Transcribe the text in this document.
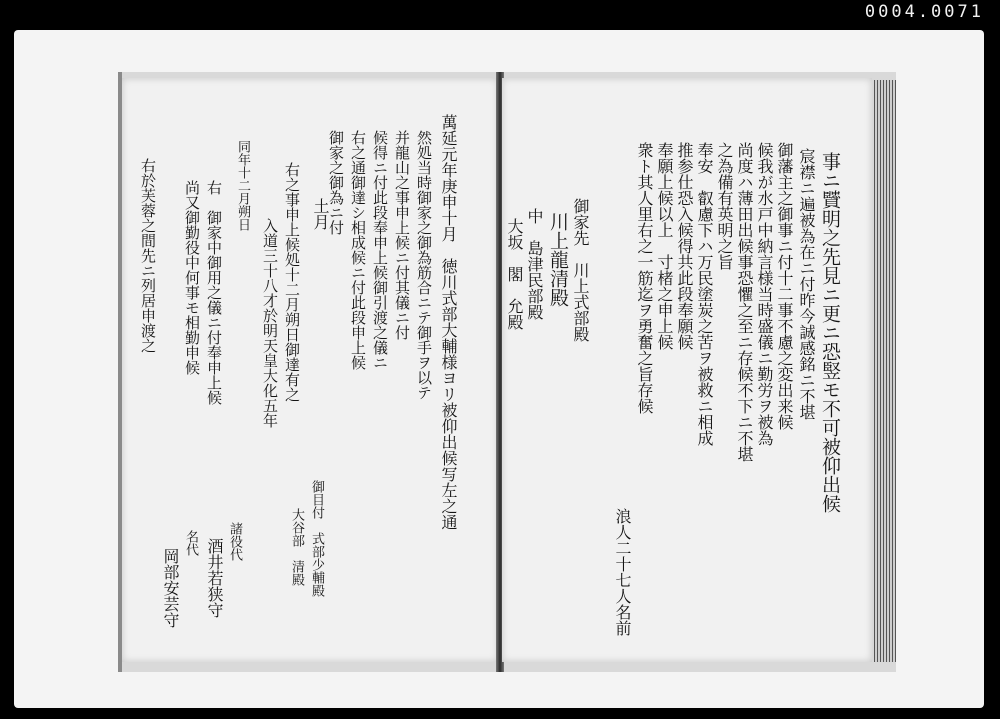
0004.0071
萬延元年庚申十月　徳川式部大輔様ヨリ被仰出候写左之通
然処当時御家之御為筋合ニテ御手ヲ以テ
并龍山之事申上候ニ付其儀ニ付
候得ニ付此段奉申上候御引渡之儀ニ
右之通御達シ相成候ニ付此段申上候
御家之御為ニ付
土月
右之事申上候処十二月朔日御達有之
入道三十八才於明天皇大化五年
同年十二月朔日
右　御家中御用之儀ニ付奉申上候
尚又御勤役中何事モ相勤申候
御目付　式部少輔殿
大谷部　清殿
諸役代
酒井若狭守
名代
岡部安芸守
右於芙蓉之間先ニ列居申渡之	事ニ贒明之先見ニ更ニ恐竪モ不可被仰出候
宸襟ニ遍被為在ニ付昨今誠感銘ニ不堪
御藩主之御事ニ付十二事不慮之変出来候
候我が水戸中納言様当時盛儀ニ勤労ヲ被為
尚度ハ薄田出候事恐懼之至ニ存候不下ニ不堪
之為備有英明之旨
奉安　叡慮下ハ万民塗炭之苦ヲ被救ニ相成
推参仕恐入候得共此段奉願候
奉願上候以上　寸楮之申上候
衆ト其人里右之一筋迄ヲ勇奮之旨存候
浪人二十七人名前
御家先　川上式部殿
川上龍清殿
中　島津民部殿
大坂　閣　允殿
